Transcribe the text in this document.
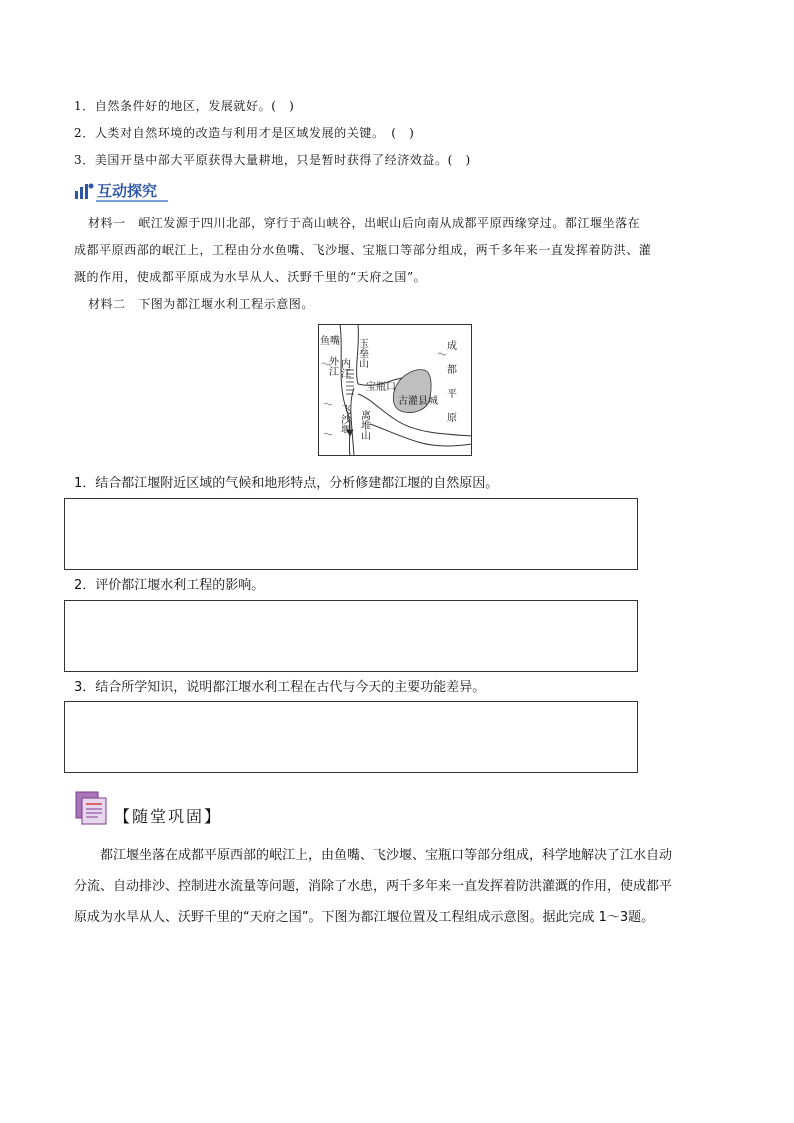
1．自然条件好的地区，发展就好。(　)
2．人类对自然环境的改造与利用才是区域发展的关键。　(　)
3．美国开垦中部大平原获得大量耕地，只是暂时获得了经济效益。(　)
互动探究
材料一　岷江发源于四川北部，穿行于高山峡谷，出岷山后向南从成都平原西缘穿过。都江堰坐落在
成都平原西部的岷江上，工程由分水鱼嘴、飞沙堰、宝瓶口等部分组成，两千多年来一直发挥着防洪、灌
溉的作用，使成都平原成为水旱从人、沃野千里的“天府之国”。
材料二　下图为都江堰水利工程示意图。
鱼嘴 玉垒山
内江
外江
宝瓶口
飞沙堰 离堆山
古灌县城 成都平原
1．结合都江堰附近区域的气候和地形特点，分析修建都江堰的自然原因。
2．评价都江堰水利工程的影响。
3．结合所学知识，说明都江堰水利工程在古代与今天的主要功能差异。
【随堂巩固】
都江堰坐落在成都平原西部的岷江上，由鱼嘴、飞沙堰、宝瓶口等部分组成，科学地解决了江水自动
分流、自动排沙、控制进水流量等问题，消除了水患，两千多年来一直发挥着防洪灌溉的作用，使成都平
原成为水旱从人、沃野千里的“天府之国”。下图为都江堰位置及工程组成示意图。据此完成 1～3题。
